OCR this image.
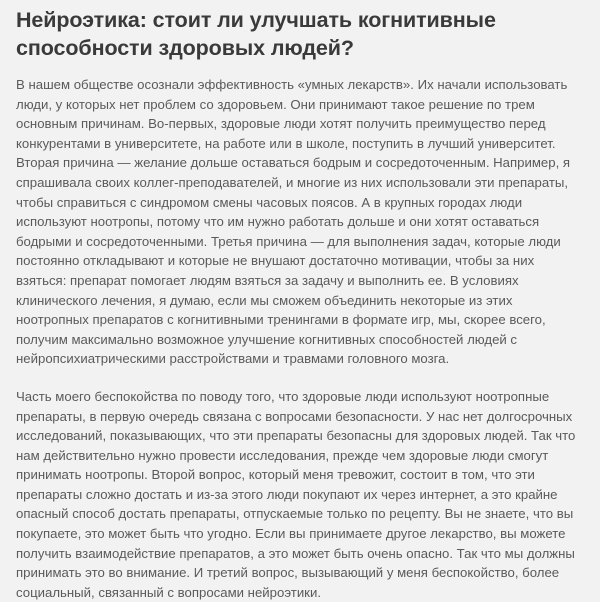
Нейроэтика: стоит ли улучшать когнитивные способности здоровых людей?

В нашем обществе осознали эффективность «умных лекарств». Их начали использовать люди, у которых нет проблем со здоровьем. Они принимают такое решение по трем основным причинам. Во-первых, здоровые люди хотят получить преимущество перед конкурентами в университете, на работе или в школе, поступить в лучший университет. Вторая причина — желание дольше оставаться бодрым и сосредоточенным. Например, я спрашивала своих коллег-преподавателей, и многие из них использовали эти препараты, чтобы справиться с синдромом смены часовых поясов. А в крупных городах люди используют ноотропы, потому что им нужно работать дольше и они хотят оставаться бодрыми и сосредоточенными. Третья причина — для выполнения задач, которые люди постоянно откладывают и которые не внушают достаточно мотивации, чтобы за них взяться: препарат помогает людям взяться за задачу и выполнить ее. В условиях клинического лечения, я думаю, если мы сможем объединить некоторые из этих ноотропных препаратов с когнитивными тренингами в формате игр, мы, скорее всего, получим максимально возможное улучшение когнитивных способностей людей с нейропсихиатрическими расстройствами и травмами головного мозга.

Часть моего беспокойства по поводу того, что здоровые люди используют ноотропные препараты, в первую очередь связана с вопросами безопасности. У нас нет долгосрочных исследований, показывающих, что эти препараты безопасны для здоровых людей. Так что нам действительно нужно провести исследования, прежде чем здоровые люди смогут принимать ноотропы. Второй вопрос, который меня тревожит, состоит в том, что эти препараты сложно достать и из-за этого люди покупают их через интернет, а это крайне опасный способ достать препараты, отпускаемые только по рецепту. Вы не знаете, что вы покупаете, это может быть что угодно. Если вы принимаете другое лекарство, вы можете получить взаимодействие препаратов, а это может быть очень опасно. Так что мы должны принимать это во внимание. И третий вопрос, вызывающий у меня беспокойство, более социальный, связанный с вопросами нейроэтики.
